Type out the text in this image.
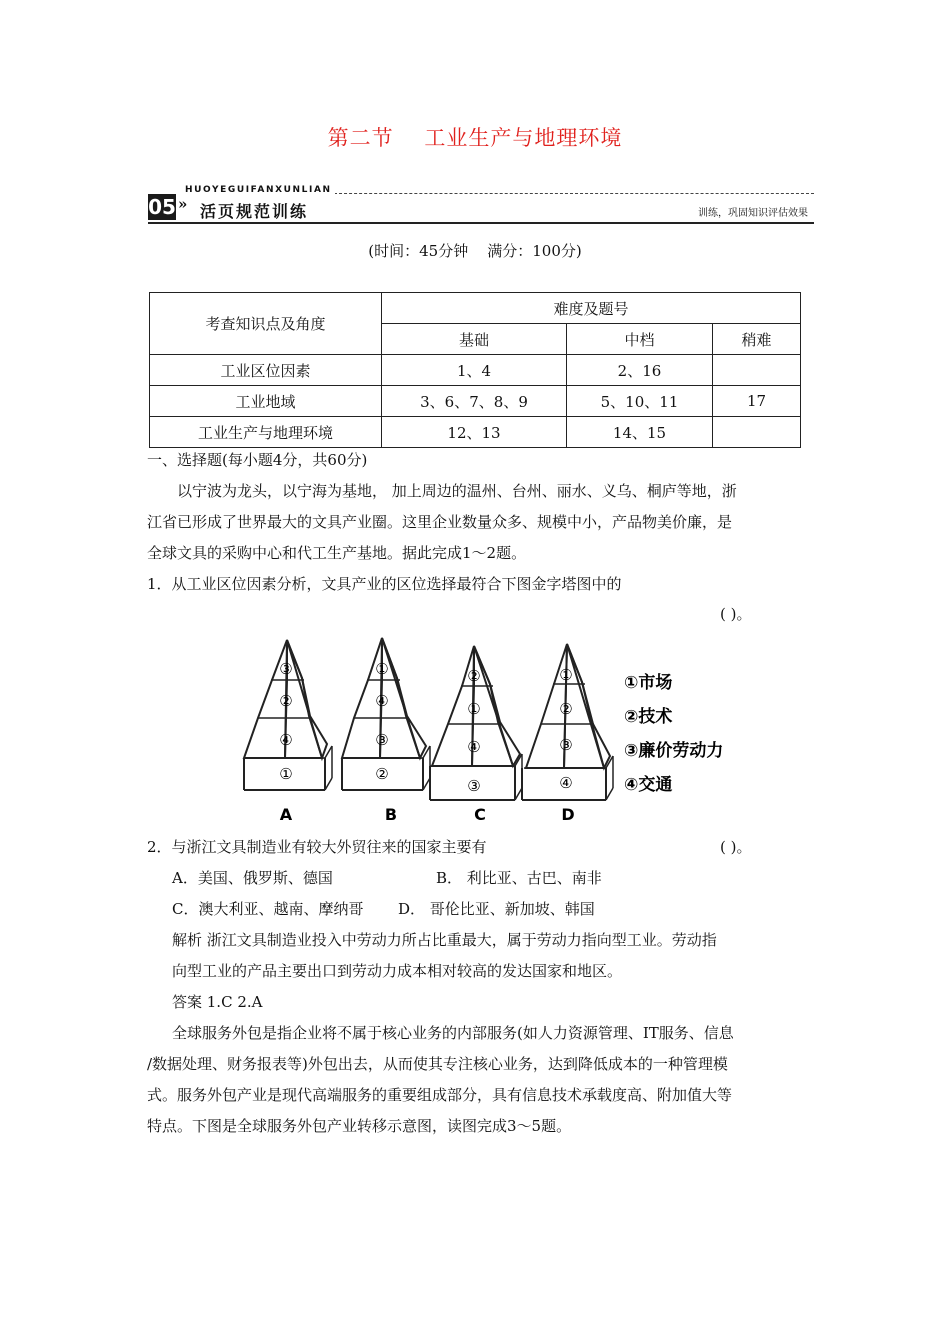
第二节    工业生产与地理环境
HUOYEGUIFANXUNLIAN
05 » 活页规范训练	训练，巩固知识评估效果
(时间：45分钟    满分：100分)
考查知识点及角度	难度及题号		
	基础	中档	稍难
工业区位因素	1、4	2、16	
工业地域	3、6、7、8、9	5、10、11	17
工业生产与地理环境	12、13	14、15	
一、选择题(每小题4分，共60分)
以宁波为龙头，以宁海为基地， 加上周边的温州、台州、丽水、义乌、桐庐等地，浙
江省已形成了世界最大的文具产业圈。这里企业数量众多、规模中小，产品物美价廉，是
全球文具的采购中心和代工生产基地。据此完成1～2题。
1．从工业区位因素分析，文具产业的区位选择最符合下图金字塔图中的
( )。
①
④
②
③
A
②
③
④
①
B
③
④
①
②
C
④
③
②
①
D
①市场
②技术
③廉价劳动力
④交通
2．与浙江文具制造业有较大外贸往来的国家主要有	( )。
A．美国、俄罗斯、德国	B． 利比亚、古巴、南非
C．澳大利亚、越南、摩纳哥 D． 哥伦比亚、新加坡、韩国
解析 浙江文具制造业投入中劳动力所占比重最大，属于劳动力指向型工业。劳动指
向型工业的产品主要出口到劳动力成本相对较高的发达国家和地区。
答案 1.C 2.A
全球服务外包是指企业将不属于核心业务的内部服务(如人力资源管理、IT服务、信息
/数据处理、财务报表等)外包出去，从而使其专注核心业务，达到降低成本的一种管理模
式。服务外包产业是现代高端服务的重要组成部分，具有信息技术承载度高、附加值大等
特点。下图是全球服务外包产业转移示意图，读图完成3～5题。
